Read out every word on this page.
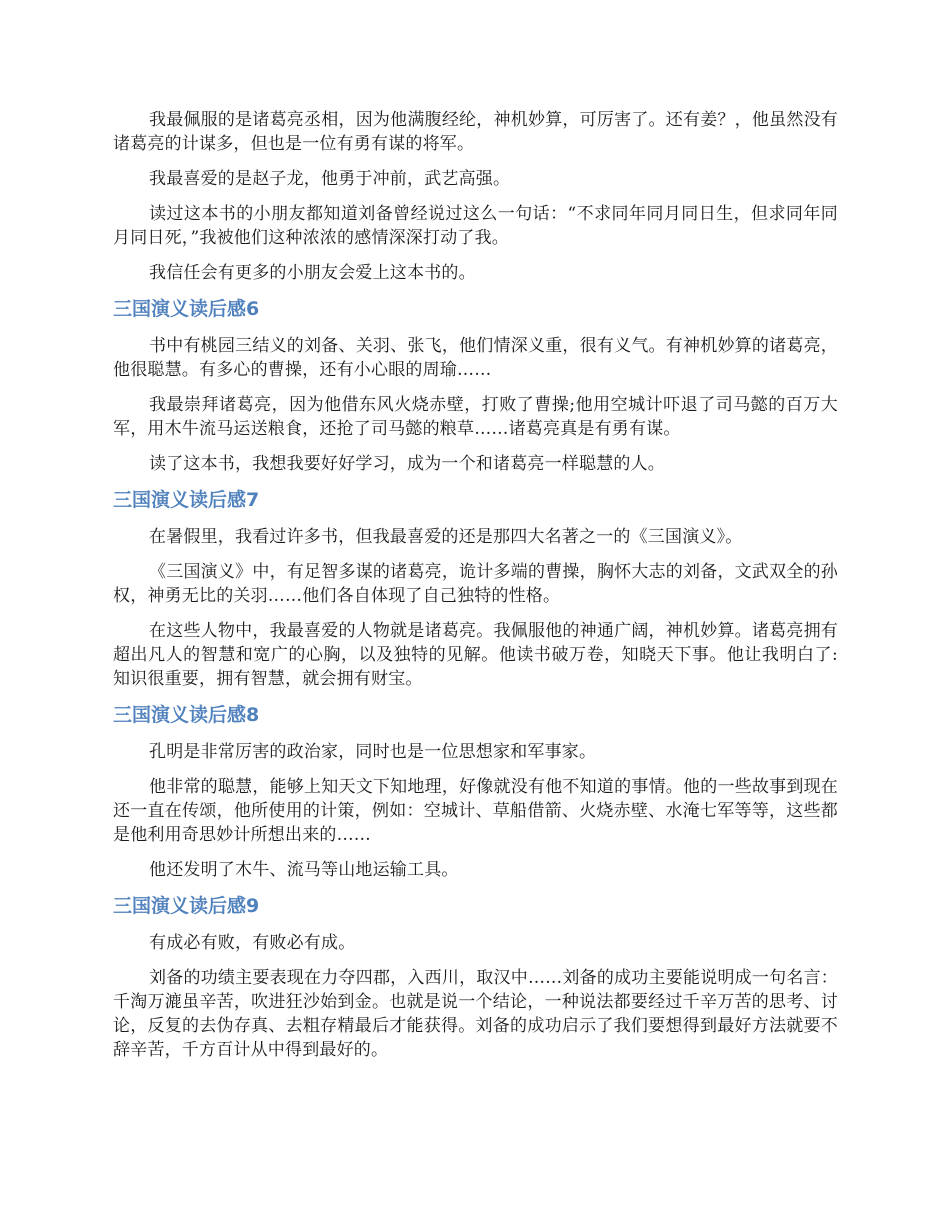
我最佩服的是诸葛亮丞相，因为他满腹经纶，神机妙算，可厉害了。还有姜？，他虽然没有诸葛亮的计谋多，但也是一位有勇有谋的将军。

我最喜爱的是赵子龙，他勇于冲前，武艺高强。

读过这本书的小朋友都知道刘备曾经说过这么一句话：“不求同年同月同日生，但求同年同月同日死，”我被他们这种浓浓的感情深深打动了我。

我信任会有更多的小朋友会爱上这本书的。

三国演义读后感6

书中有桃园三结义的刘备、关羽、张飞，他们情深义重，很有义气。有神机妙算的诸葛亮，他很聪慧。有多心的曹操，还有小心眼的周瑜……

我最崇拜诸葛亮，因为他借东风火烧赤壁，打败了曹操;他用空城计吓退了司马懿的百万大军，用木牛流马运送粮食，还抢了司马懿的粮草……诸葛亮真是有勇有谋。

读了这本书，我想我要好好学习，成为一个和诸葛亮一样聪慧的人。

三国演义读后感7

在暑假里，我看过许多书，但我最喜爱的还是那四大名著之一的《三国演义》。

《三国演义》中，有足智多谋的诸葛亮，诡计多端的曹操，胸怀大志的刘备，文武双全的孙权，神勇无比的关羽……他们各自体现了自己独特的性格。

在这些人物中，我最喜爱的人物就是诸葛亮。我佩服他的神通广阔，神机妙算。诸葛亮拥有超出凡人的智慧和宽广的心胸，以及独特的见解。他读书破万卷，知晓天下事。他让我明白了:知识很重要，拥有智慧，就会拥有财宝。

三国演义读后感8

孔明是非常厉害的政治家，同时也是一位思想家和军事家。

他非常的聪慧，能够上知天文下知地理，好像就没有他不知道的事情。他的一些故事到现在还一直在传颂，他所使用的计策，例如：空城计、草船借箭、火烧赤壁、水淹七军等等，这些都是他利用奇思妙计所想出来的……

他还发明了木牛、流马等山地运输工具。

三国演义读后感9

有成必有败，有败必有成。

刘备的功绩主要表现在力夺四郡，入西川，取汉中……刘备的成功主要能说明成一句名言：千淘万漉虽辛苦，吹进狂沙始到金。也就是说一个结论，一种说法都要经过千辛万苦的思考、讨论，反复的去伪存真、去粗存精最后才能获得。刘备的成功启示了我们要想得到最好方法就要不辞辛苦，千方百计从中得到最好的。
